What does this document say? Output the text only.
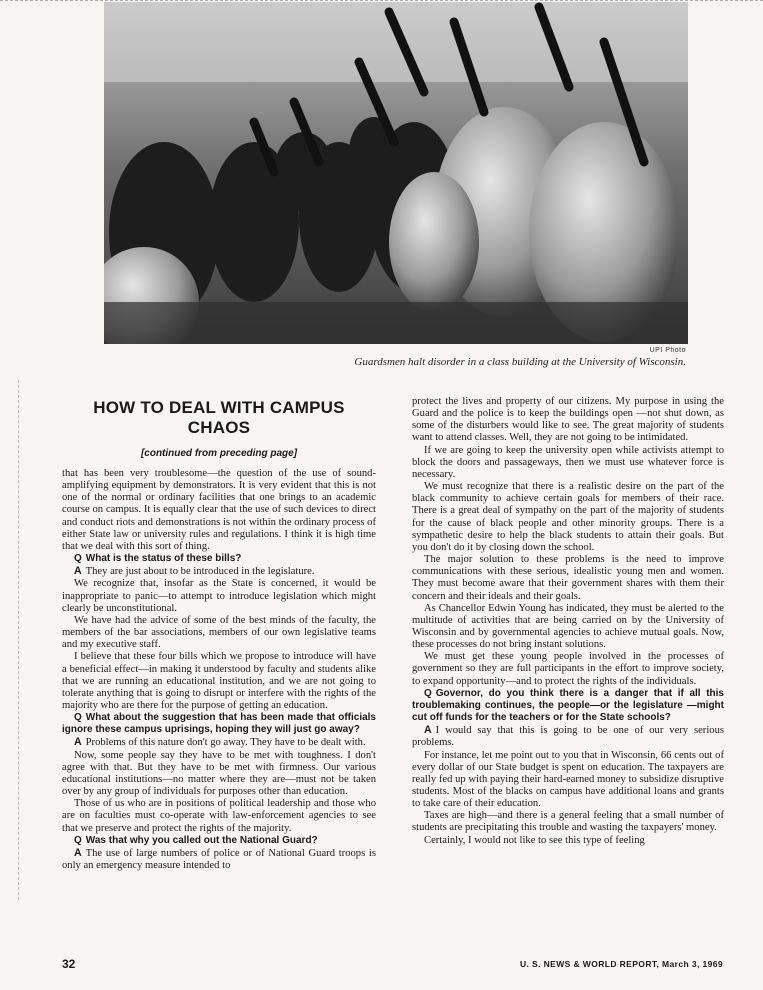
UPI Photo
Guardsmen halt disorder in a class building at the University of Wisconsin.
HOW TO DEAL WITH CAMPUS CHAOS
[continued from preceding page]

that has been very troublesome—the question of the use of sound-amplifying equipment by demonstrators. It is very evident that this is not one of the normal or ordinary facilities that one brings to an academic course on campus. It is equally clear that the use of such devices to direct and conduct riots and demonstrations is not within the ordinary process of either State law or university rules and regulations. I think it is high time that we deal with this sort of thing.

Q What is the status of these bills?

A They are just about to be introduced in the legislature.

We recognize that, insofar as the State is concerned, it would be inappropriate to panic—to attempt to introduce legislation which might clearly be unconstitutional.

We have had the advice of some of the best minds of the faculty, the members of the bar associations, members of our own legislative teams and my executive staff.

I believe that these four bills which we propose to introduce will have a beneficial effect—in making it understood by faculty and students alike that we are running an educational institution, and we are not going to tolerate anything that is going to disrupt or interfere with the rights of the majority who are there for the purpose of getting an education.

Q What about the suggestion that has been made that officials ignore these campus uprisings, hoping they will just go away?

A Problems of this nature don't go away. They have to be dealt with.

Now, some people say they have to be met with toughness. I don't agree with that. But they have to be met with firmness. Our various educational institutions—no matter where they are—must not be taken over by any group of individuals for purposes other than education.

Those of us who are in positions of political leadership and those who are on faculties must co-operate with law-enforcement agencies to see that we preserve and protect the rights of the majority.

Q Was that why you called out the National Guard?

A The use of large numbers of police or of National Guard troops is only an emergency measure intended to

protect the lives and property of our citizens. My purpose in using the Guard and the police is to keep the buildings open —not shut down, as some of the disturbers would like to see. The great majority of students want to attend classes. Well, they are not going to be intimidated.

If we are going to keep the university open while activists attempt to block the doors and passageways, then we must use whatever force is necessary.

We must recognize that there is a realistic desire on the part of the black community to achieve certain goals for members of their race. There is a great deal of sympathy on the part of the majority of students for the cause of black people and other minority groups. There is a sympathetic desire to help the black students to attain their goals. But you don't do it by closing down the school.

The major solution to these problems is the need to improve communications with these serious, idealistic young men and women. They must become aware that their government shares with them their concern and their ideals and their goals.

As Chancellor Edwin Young has indicated, they must be alerted to the multitude of activities that are being carried on by the University of Wisconsin and by governmental agencies to achieve mutual goals. Now, these processes do not bring instant solutions.

We must get these young people involved in the processes of government so they are full participants in the effort to improve society, to expand opportunity—and to protect the rights of the individuals.

Q Governor, do you think there is a danger that if all this troublemaking continues, the people—or the legislature —might cut off funds for the teachers or for the State schools?

A I would say that this is going to be one of our very serious problems.

For instance, let me point out to you that in Wisconsin, 66 cents out of every dollar of our State budget is spent on education. The taxpayers are really fed up with paying their hard-earned money to subsidize disruptive students. Most of the blacks on campus have additional loans and grants to take care of their education.

Taxes are high—and there is a general feeling that a small number of students are precipitating this trouble and wasting the taxpayers' money.

Certainly, I would not like to see this type of feeling

32	U. S. NEWS & WORLD REPORT, March 3, 1969
